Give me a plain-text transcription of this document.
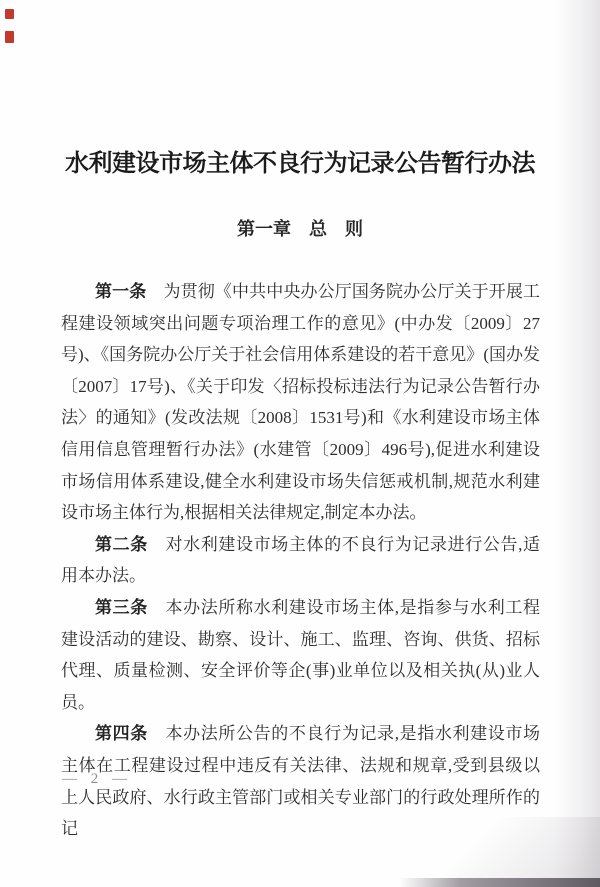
水利建设市场主体不良行为记录公告暂行办法
第一章　总　则

第一条　为贯彻《中共中央办公厅国务院办公厅关于开展工程建设领域突出问题专项治理工作的意见》(中办发〔2009〕27号)、《国务院办公厅关于社会信用体系建设的若干意见》(国办发〔2007〕17号)、《关于印发〈招标投标违法行为记录公告暂行办法〉的通知》(发改法规〔2008〕1531号)和《水利建设市场主体信用信息管理暂行办法》(水建管〔2009〕496号),促进水利建设市场信用体系建设,健全水利建设市场失信惩戒机制,规范水利建设市场主体行为,根据相关法律规定,制定本办法。

第二条　对水利建设市场主体的不良行为记录进行公告,适用本办法。

第三条　本办法所称水利建设市场主体,是指参与水利工程建设活动的建设、勘察、设计、施工、监理、咨询、供货、招标代理、质量检测、安全评价等企(事)业单位以及相关执(从)业人员。

第四条　本办法所公告的不良行为记录,是指水利建设市场主体在工程建设过程中违反有关法律、法规和规章,受到县级以上人民政府、水行政主管部门或相关专业部门的行政处理所作的记

— 2 —
